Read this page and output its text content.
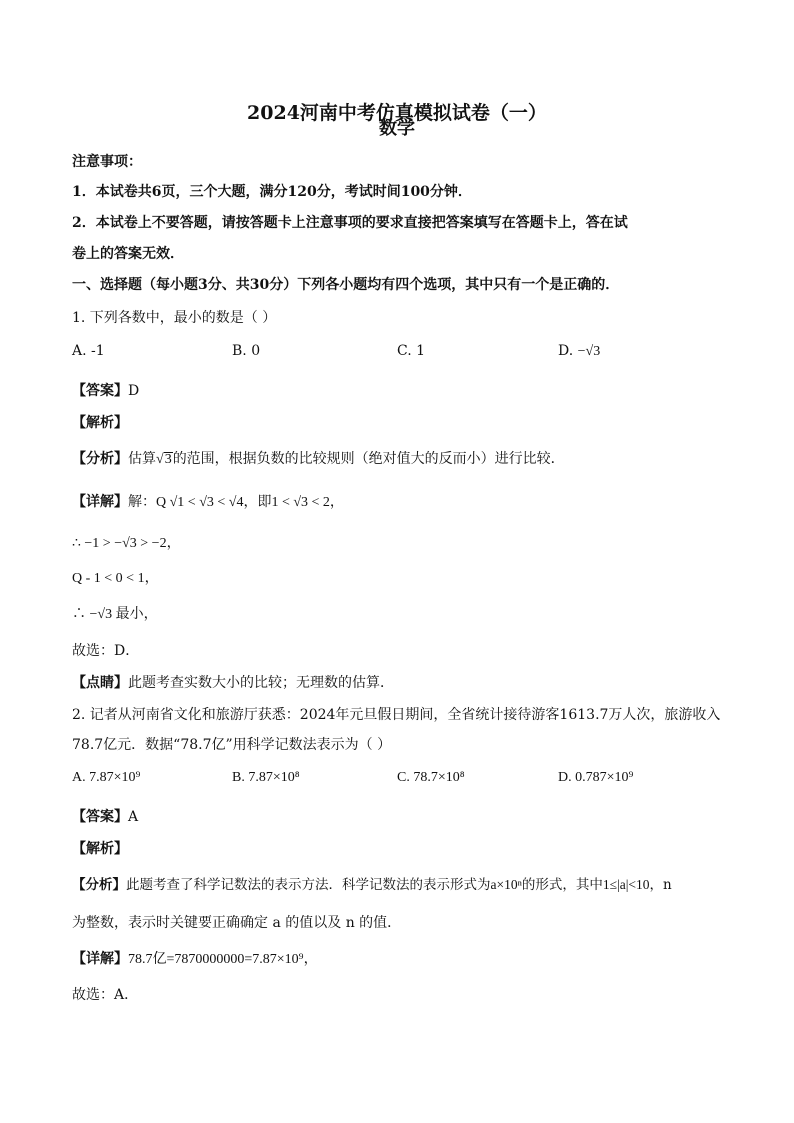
2024河南中考仿真模拟试卷（一）
数学
注意事项：
1．本试卷共6页，三个大题，满分120分，考试时间100分钟．
2．本试卷上不要答题，请按答题卡上注意事项的要求直接把答案填写在答题卡上，答在试
卷上的答案无效．
一、选择题（每小题3分、共30分）下列各小题均有四个选项，其中只有一个是正确的．
1. 下列各数中，最小的数是（ ）
A. -1	B. 0	C. 1	D. −√3
【答案】D
【解析】
【分析】估算√3的范围，根据负数的比较规则（绝对值大的反而小）进行比较．
【详解】解：Q √1 < √3 < √4，即1 < √3 < 2，
∴ −1 > −√3 > −2，
Q - 1 < 0 < 1，
∴ −√3 最小，
故选：D．
【点睛】此题考查实数大小的比较；无理数的估算．
2. 记者从河南省文化和旅游厅获悉：2024年元旦假日期间，全省统计接待游客1613.7万人次，旅游收入
78.7亿元．数据“78.7亿”用科学记数法表示为（ ）
A. 7.87×10⁹	B. 7.87×10⁸	C. 78.7×10⁸	D. 0.787×10⁹
【答案】A
【解析】
【分析】此题考查了科学记数法的表示方法．科学记数法的表示形式为a×10ⁿ的形式，其中1≤|a|<10，n
为整数，表示时关键要正确确定 a 的值以及 n 的值．
【详解】78.7亿=7870000000=7.87×10⁹，
故选：A．
